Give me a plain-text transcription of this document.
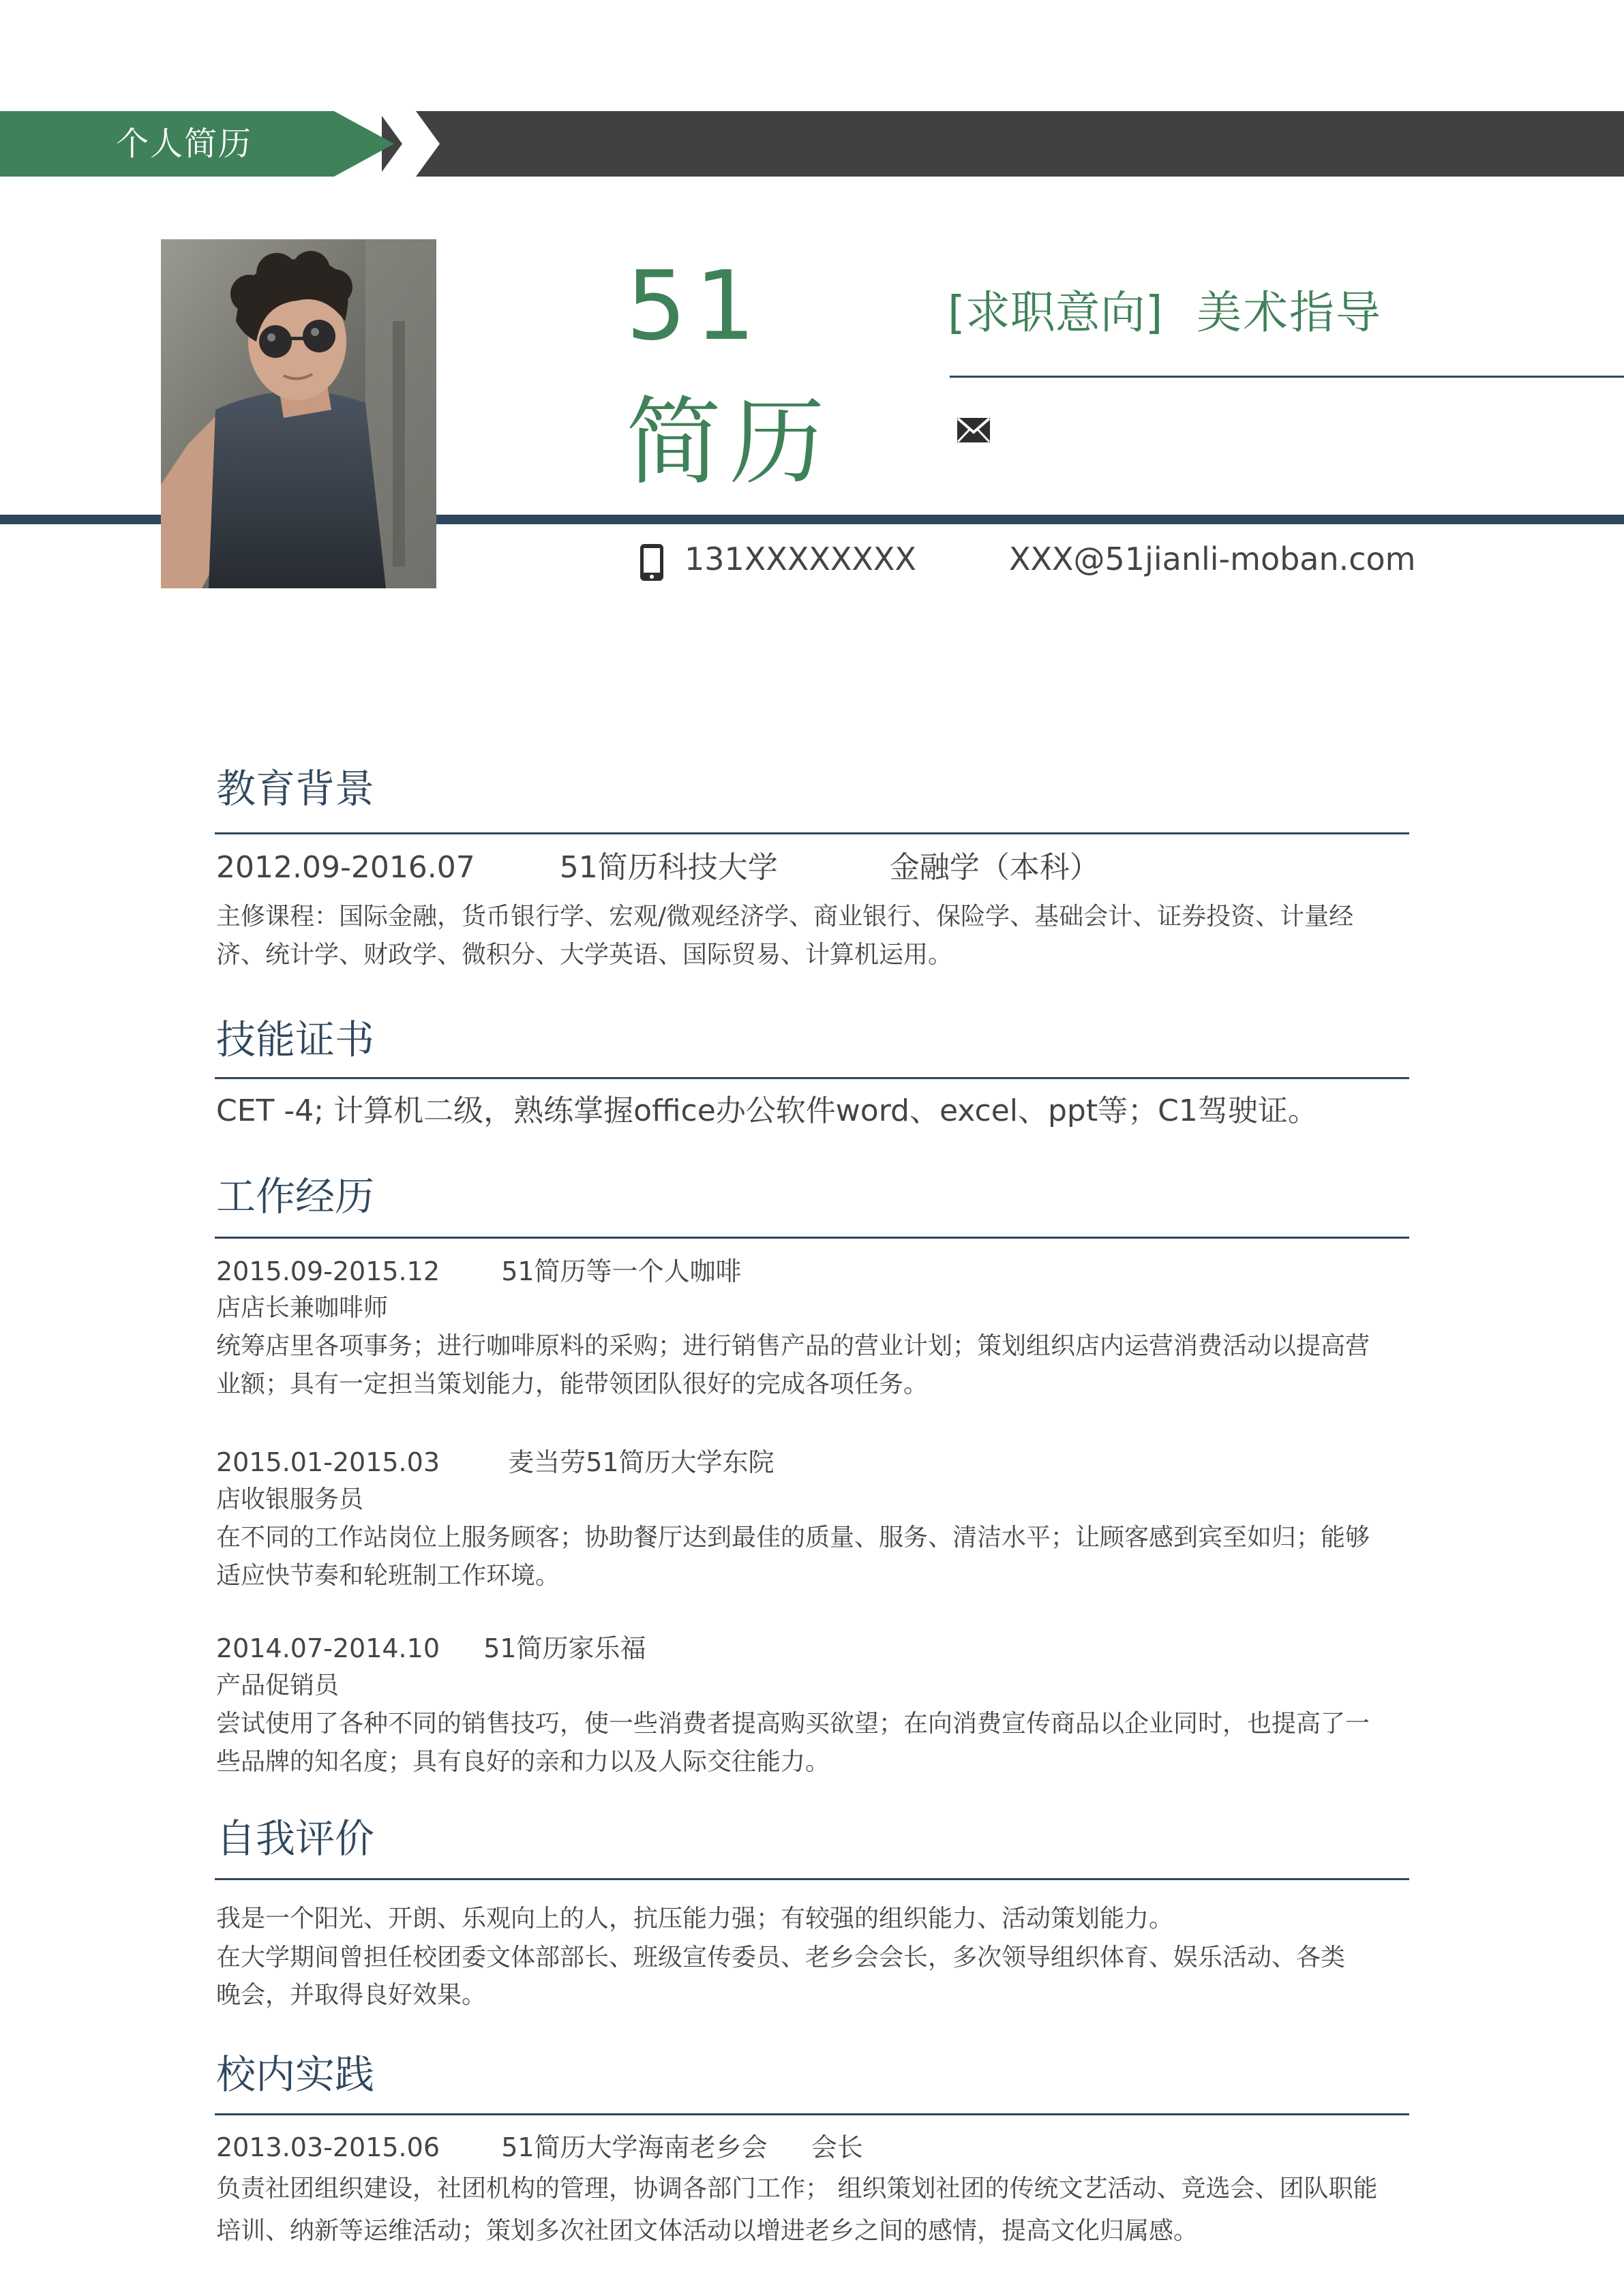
个人简历
51简历
[求职意向] 美术指导
131XXXXXXXX	XXX@51jianli-moban.com
教育背景
2012.09-2016.07	51简历科技大学	金融学（本科）
主修课程：国际金融，货币银行学、宏观/微观经济学、商业银行、保险学、基础会计、证券投资、计量经
济、统计学、财政学、微积分、大学英语、国际贸易、计算机运用。
技能证书
CET -4; 计算机二级，熟练掌握office办公软件word、excel、ppt等；C1驾驶证。
工作经历
2015.09-2015.12 51简历等一个人咖啡
店店长兼咖啡师
统筹店里各项事务；进行咖啡原料的采购；进行销售产品的营业计划；策划组织店内运营消费活动以提高营
业额；具有一定担当策划能力，能带领团队很好的完成各项任务。
2015.01-2015.03	麦当劳51简历大学东院
店收银服务员
在不同的工作站岗位上服务顾客；协助餐厅达到最佳的质量、服务、清洁水平；让顾客感到宾至如归；能够
适应快节奏和轮班制工作环境。
2014.07-2014.10 51简历家乐福
产品促销员
尝试使用了各种不同的销售技巧，使一些消费者提高购买欲望；在向消费宣传商品以企业同时，也提高了一
些品牌的知名度；具有良好的亲和力以及人际交往能力。
自我评价
我是一个阳光、开朗、乐观向上的人，抗压能力强；有较强的组织能力、活动策划能力。
在大学期间曾担任校团委文体部部长、班级宣传委员、老乡会会长，多次领导组织体育、娱乐活动、各类
晚会，并取得良好效果。
校内实践
2013.03-2015.06 51简历大学海南老乡会 会长
负责社团组织建设，社团机构的管理，协调各部门工作； 组织策划社团的传统文艺活动、竞选会、团队职能
培训、纳新等运维活动；策划多次社团文体活动以增进老乡之间的感情，提高文化归属感。
